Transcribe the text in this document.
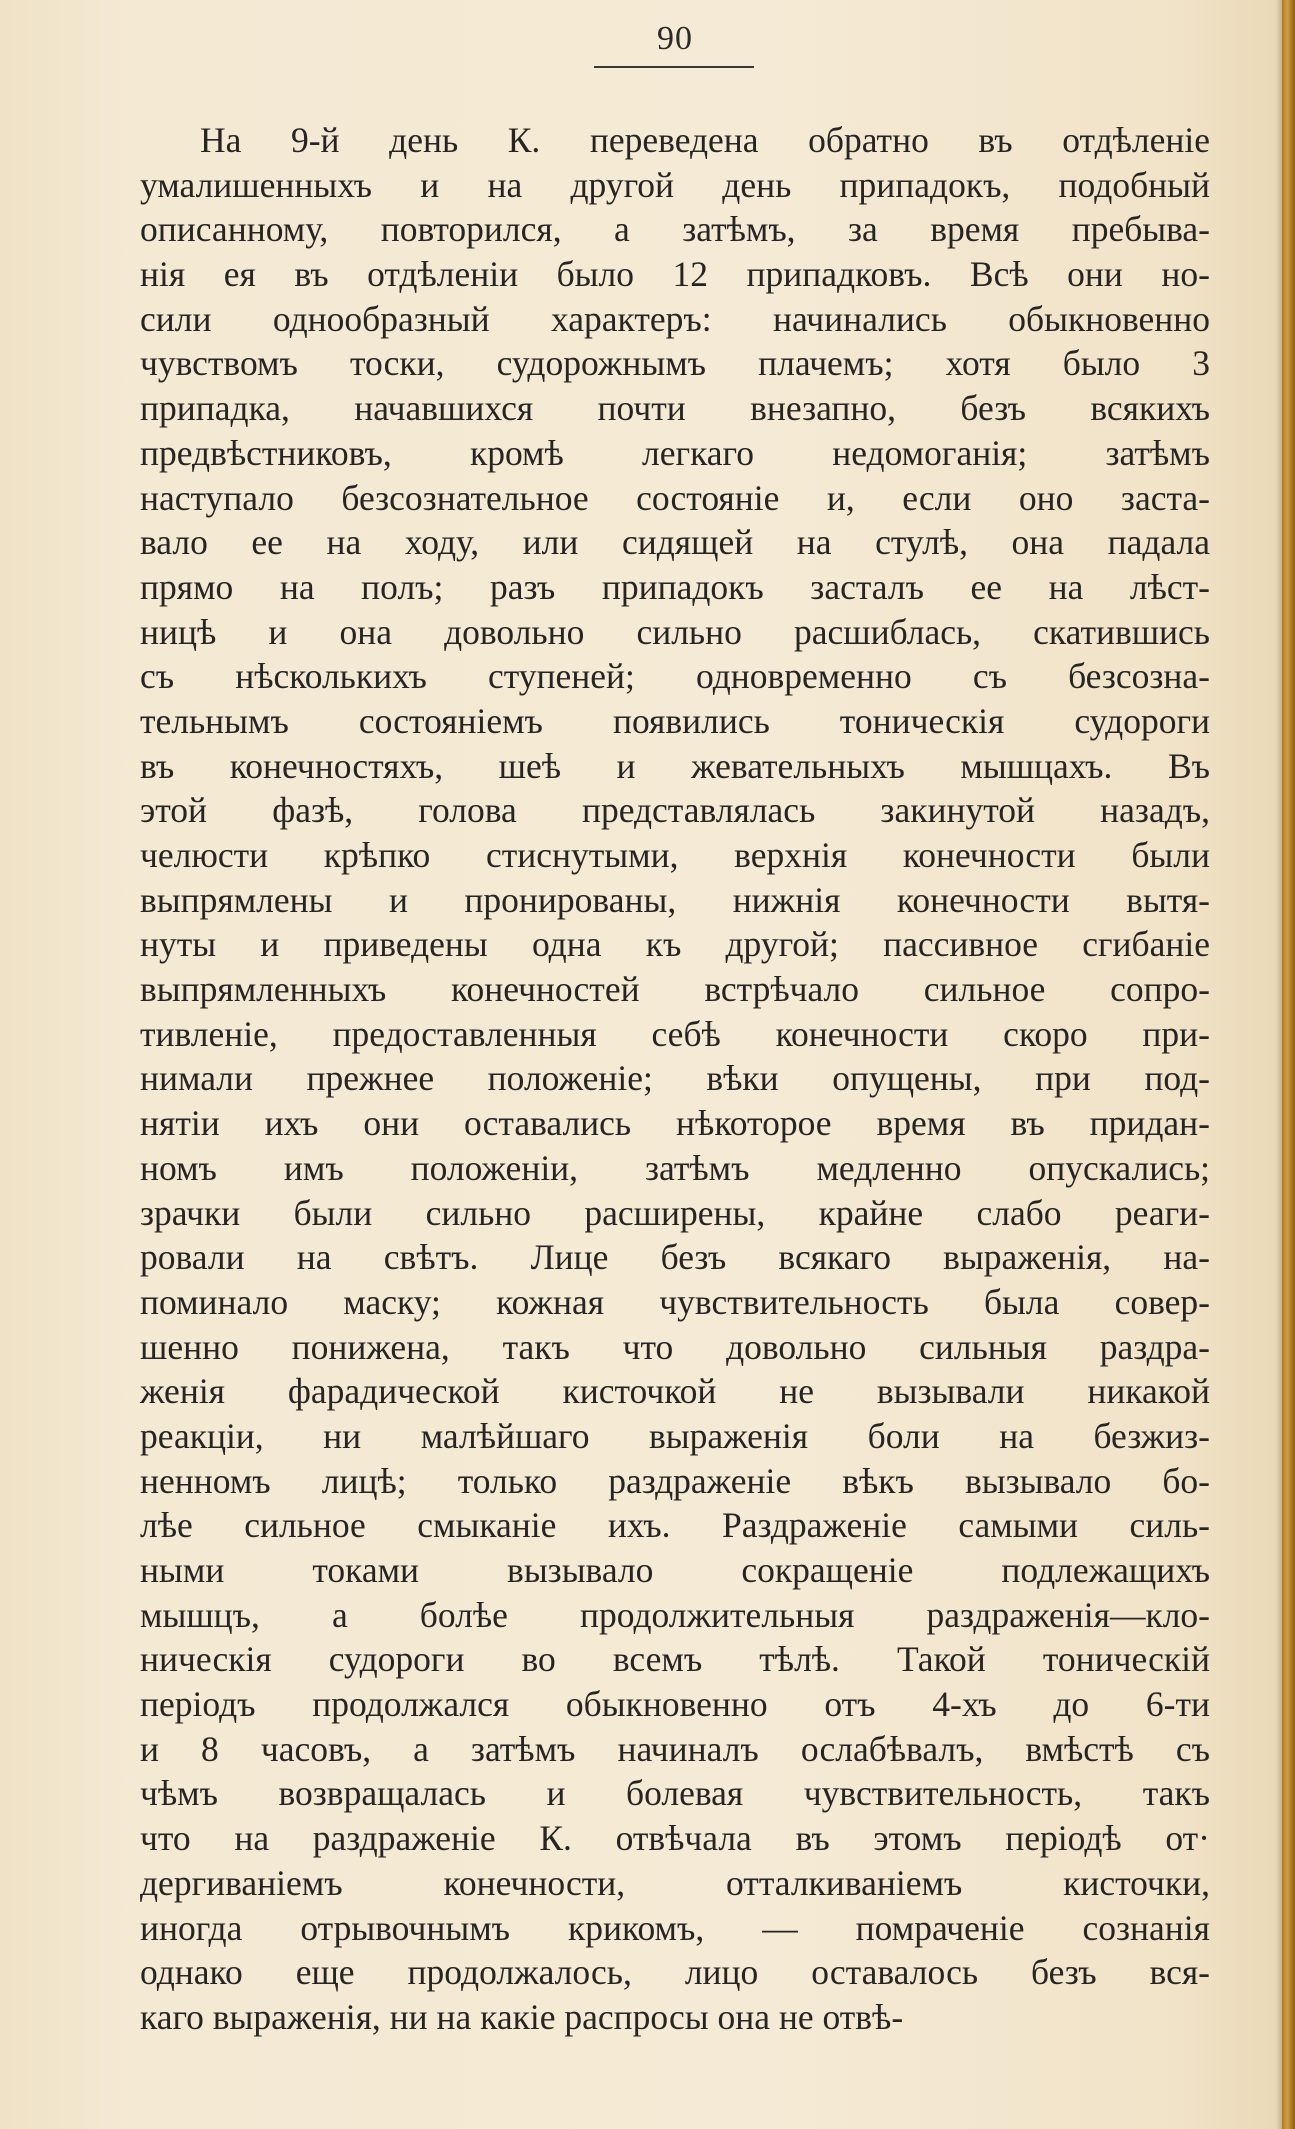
90
На 9-й день К. переведена обратно въ отдѣленіе
умалишенныхъ и на другой день припадокъ, подобный
описанному, повторился, а затѣмъ, за время пребыва-
нія ея въ отдѣленіи было 12 припадковъ. Всѣ они но-
сили однообразный характеръ: начинались обыкновенно
чувствомъ тоски, судорожнымъ плачемъ; хотя было 3
припадка, начавшихся почти внезапно, безъ всякихъ
предвѣстниковъ, кромѣ легкаго недомоганія; затѣмъ
наступало безсознательное состояніе и, если оно заста-
вало ее на ходу, или сидящей на стулѣ, она падала
прямо на полъ; разъ припадокъ засталъ ее на лѣст-
ницѣ и она довольно сильно расшиблась, скатившись
съ нѣсколькихъ ступеней; одновременно съ безсозна-
тельнымъ состояніемъ появились тоническія судороги
въ конечностяхъ, шеѣ и жевательныхъ мышцахъ. Въ
этой фазѣ, голова представлялась закинутой назадъ,
челюсти крѣпко стиснутыми, верхнія конечности были
выпрямлены и пронированы, нижнія конечности вытя-
нуты и приведены одна къ другой; пассивное сгибаніе
выпрямленныхъ конечностей встрѣчало сильное сопро-
тивленіе, предоставленныя себѣ конечности скоро при-
нимали прежнее положеніе; вѣки опущены, при под-
нятіи ихъ они оставались нѣкоторое время въ придан-
номъ имъ положеніи, затѣмъ медленно опускались;
зрачки были сильно расширены, крайне слабо реаги-
ровали на свѣтъ. Лице безъ всякаго выраженія, на-
поминало маску; кожная чувствительность была совер-
шенно понижена, такъ что довольно сильныя раздра-
женія фарадической кисточкой не вызывали никакой
реакціи, ни малѣйшаго выраженія боли на безжиз-
ненномъ лицѣ; только раздраженіе вѣкъ вызывало бо-
лѣе сильное смыканіе ихъ. Раздраженіе самыми силь-
ными токами вызывало сокращеніе подлежащихъ
мышцъ, а болѣе продолжительныя раздраженія—кло-
ническія судороги во всемъ тѣлѣ. Такой тоническій
періодъ продолжался обыкновенно отъ 4-хъ до 6-ти
и 8 часовъ, а затѣмъ начиналъ ослабѣвалъ, вмѣстѣ съ
чѣмъ возвращалась и болевая чувствительность, такъ
что на раздраженіе К. отвѣчала въ этомъ періодѣ от·
дергиваніемъ конечности, отталкиваніемъ кисточки,
иногда отрывочнымъ крикомъ, — помраченіе сознанія
однако еще продолжалось, лицо оставалось безъ вся-
каго выраженія, ни на какіе распросы она не отвѣ-
